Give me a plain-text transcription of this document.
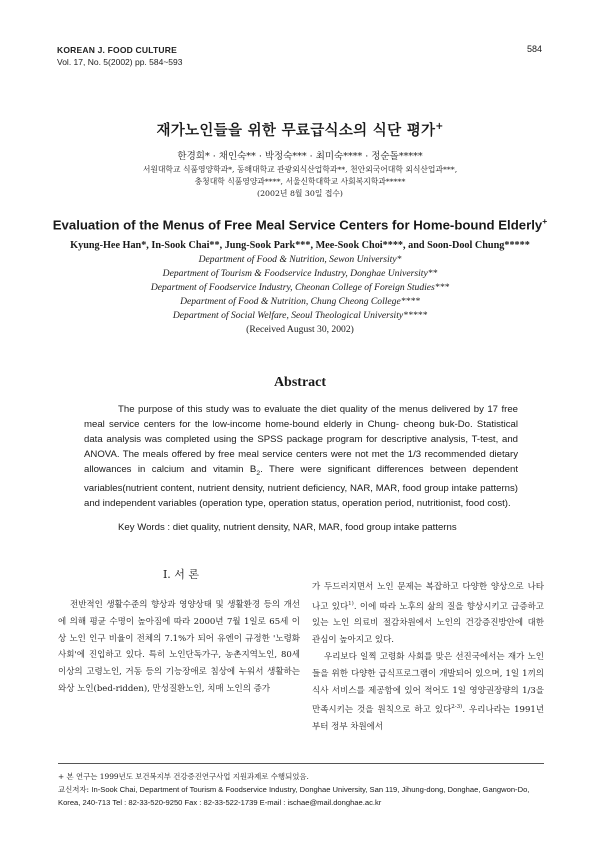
KOREAN J. FOOD CULTURE
Vol. 17, No. 5(2002) pp. 584~593
584
재가노인들을 위한 무료급식소의 식단 평가+
한경희* · 채인숙** · 박정숙*** · 최미숙**** · 정순돌*****
서원대학교 식품영양학과*, 동해대학교 관광외식산업학과**, 천안외국어대학 외식산업과***,
충청대학 식품영양과****, 서울신학대학교 사회복지학과*****
(2002년 8월 30일 접수)
Evaluation of the Menus of Free Meal Service Centers for Home-bound Elderly+
Kyung-Hee Han*, In-Sook Chai**, Jung-Sook Park***, Mee-Sook Choi****, and Soon-Dool Chung*****
Department of Food & Nutrition, Sewon University*
Department of Tourism & Foodservice Industry, Donghae University**
Department of Foodservice Industry, Cheonan College of Foreign Studies***
Department of Food & Nutrition, Chung Cheong College****
Department of Social Welfare, Seoul Theological University*****
(Received August 30, 2002)
Abstract

The purpose of this study was to evaluate the diet quality of the menus delivered by 17 free meal service centers for the low-income home-bound elderly in Chung- cheong buk-Do. Statistical data analysis was completed using the SPSS package program for descriptive analysis, T-test, and ANOVA. The meals offered by free meal service centers were not met the 1/3 recommended dietary allowances in calcium and vitamin $B_2$. There were significant differences between dependent variables(nutrient content, nutrient density, nutrient deficiency, NAR, MAR, food group intake patterns) and independent variables (operation type, operation status, operation period, nutritionist, food cost).

Key Words : diet quality, nutrient density, NAR, MAR, food group intake patterns
I. 서 론

전반적인 생활수준의 향상과 영양상태 및 생활환경 등의 개선에 의해 평균 수명이 높아짐에 따라 2000년 7월 1일로 65세 이상 노인 인구 비율이 전체의 7.1%가 되어 유엔이 규정한 '노령화 사회'에 진입하고 있다. 특히 노인단독가구, 농촌지역노인, 80세 이상의 고령노인, 거동 등의 기능장애로 침상에 누워서 생활하는 와상 노인(bed-ridden), 만성질환노인, 치매 노인의 증가

가 두드러지면서 노인 문제는 복잡하고 다양한 양상으로 나타나고 있다$^{1)}$. 이에 따라 노후의 삶의 질을 향상시키고 급증하고 있는 노인 의료비 절감차원에서 노인의 건강증진방안에 대한 관심이 높아지고 있다.

우리보다 일찍 고령화 사회를 맞은 선진국에서는 재가 노인들을 위한 다양한 급식프로그램이 개발되어 있으며, 1일 1끼의 식사 서비스를 제공함에 있어 적어도 1일 영양권장량의 1/3을 만족시키는 것을 원칙으로 하고 있다$^{2-3)}$. 우리나라는 1991년부터 정부 차원에서

+ 본 연구는 1999년도 보건복지부 건강증진연구사업 지원과제로 수행되었음.
교신저자: In-Sook Chai, Department of Tourism & Foodservice Industry, Donghae University, San 119, Jihung-dong, Donghae, Gangwon-Do, Korea, 240-713 Tel : 82-33-520-9250 Fax : 82-33-522-1739 E-mail : ischae@mail.donghae.ac.kr
